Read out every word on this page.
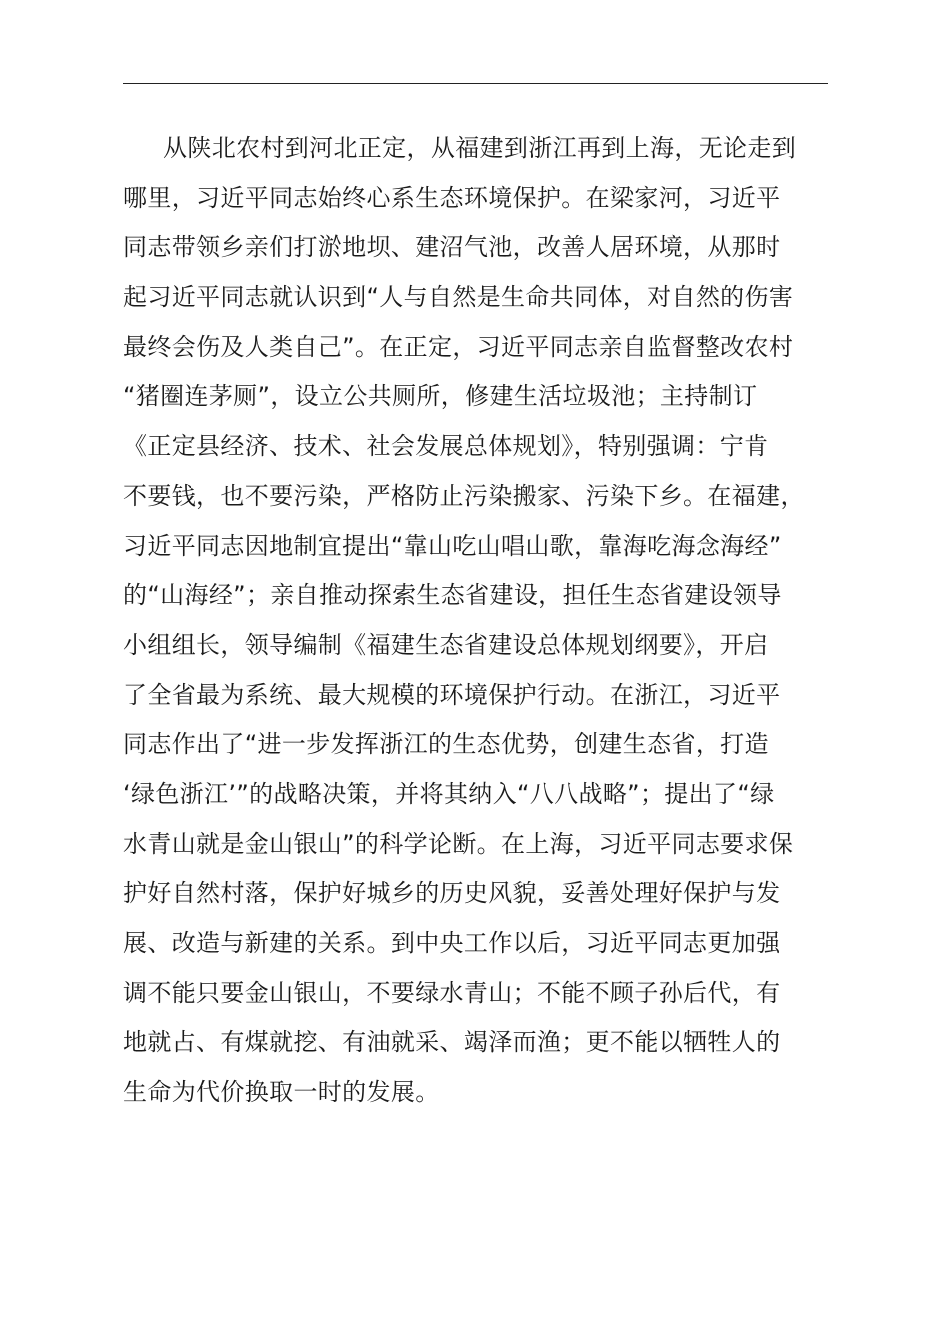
从陕北农村到河北正定，从福建到浙江再到上海，无论走到
哪里，习近平同志始终心系生态环境保护。在梁家河，习近平
同志带领乡亲们打淤地坝、建沼气池，改善人居环境，从那时
起习近平同志就认识到“人与自然是生命共同体，对自然的伤害
最终会伤及人类自己”。在正定，习近平同志亲自监督整改农村
“猪圈连茅厕”，设立公共厕所，修建生活垃圾池；主持制订
《正定县经济、技术、社会发展总体规划》，特别强调：宁肯
不要钱，也不要污染，严格防止污染搬家、污染下乡。在福建，
习近平同志因地制宜提出“靠山吃山唱山歌，靠海吃海念海经”
的“山海经”；亲自推动探索生态省建设，担任生态省建设领导
小组组长，领导编制《福建生态省建设总体规划纲要》，开启
了全省最为系统、最大规模的环境保护行动。在浙江，习近平
同志作出了“进一步发挥浙江的生态优势，创建生态省，打造
‘绿色浙江’”的战略决策，并将其纳入“八八战略”；提出了“绿
水青山就是金山银山”的科学论断。在上海，习近平同志要求保
护好自然村落，保护好城乡的历史风貌，妥善处理好保护与发
展、改造与新建的关系。到中央工作以后，习近平同志更加强
调不能只要金山银山，不要绿水青山；不能不顾子孙后代，有
地就占、有煤就挖、有油就采、竭泽而渔；更不能以牺牲人的
生命为代价换取一时的发展。
